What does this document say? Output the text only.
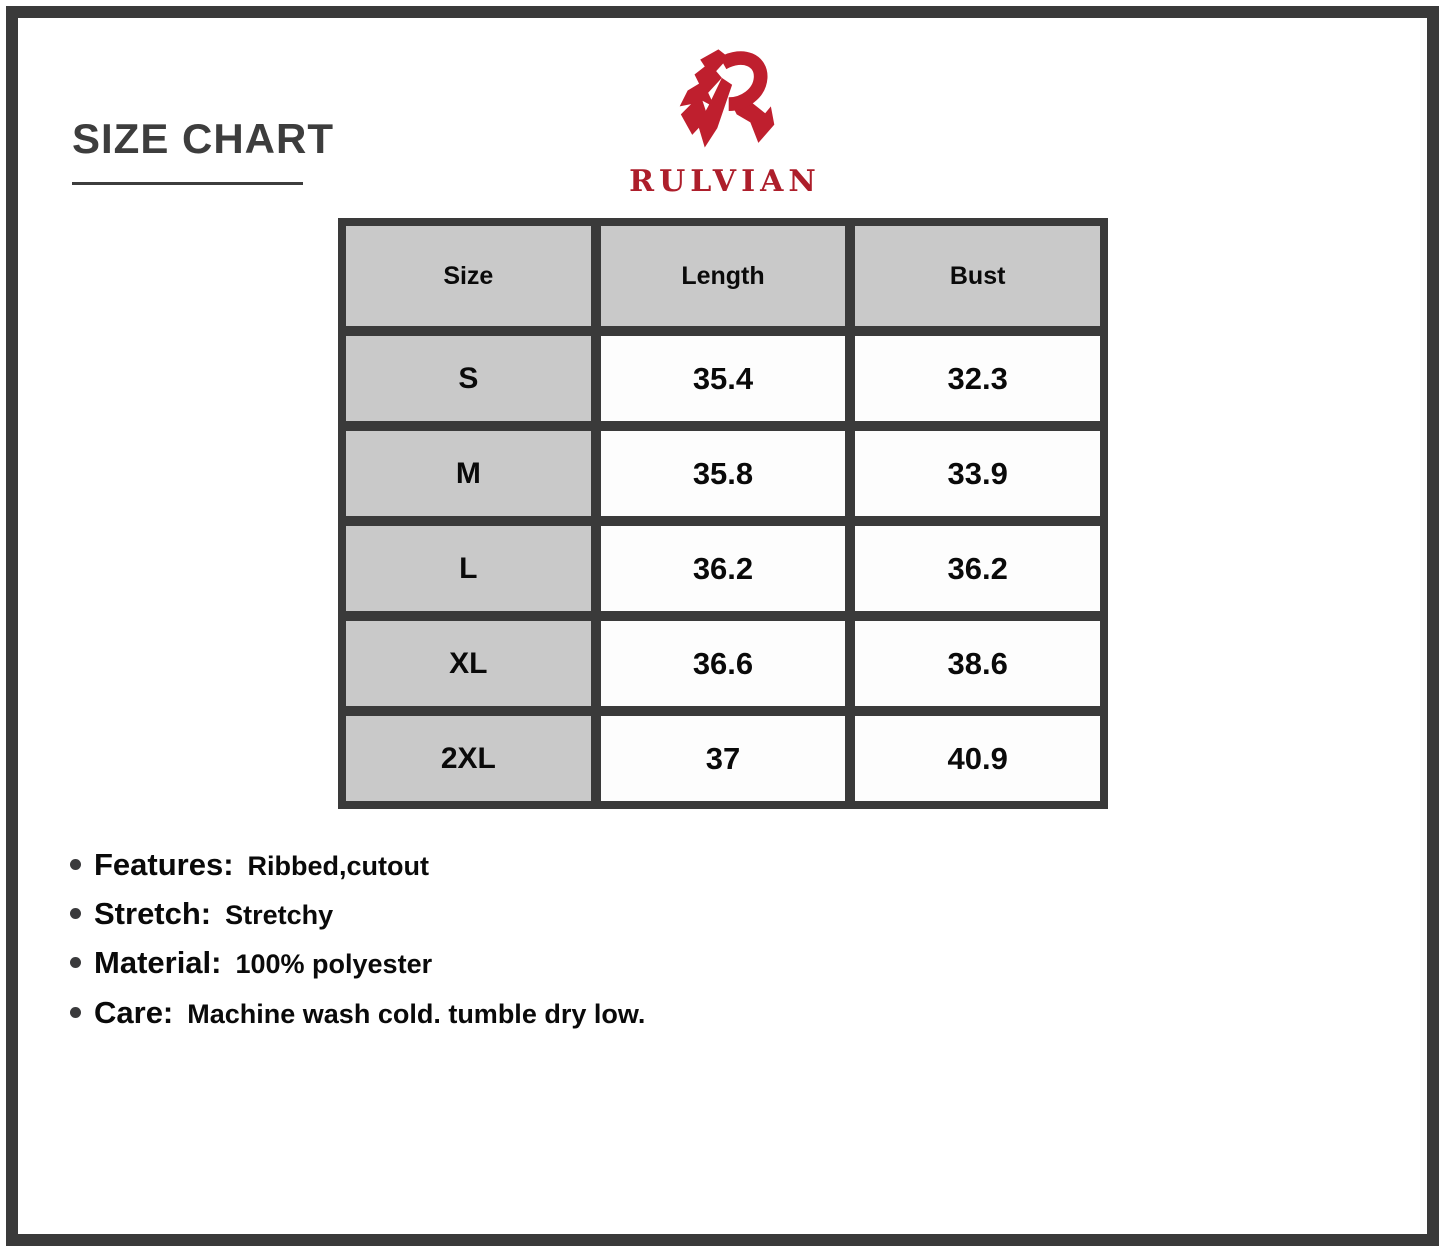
SIZE CHART
RULVIAN
Size	Length	Bust
S	35.4	32.3
M	35.8	33.9
L	36.2	36.2
XL	36.6	38.6
2XL	37	40.9
Features: Ribbed,cutout
Stretch: Stretchy
Material: 100% polyester
Care: Machine wash cold. tumble dry low.
